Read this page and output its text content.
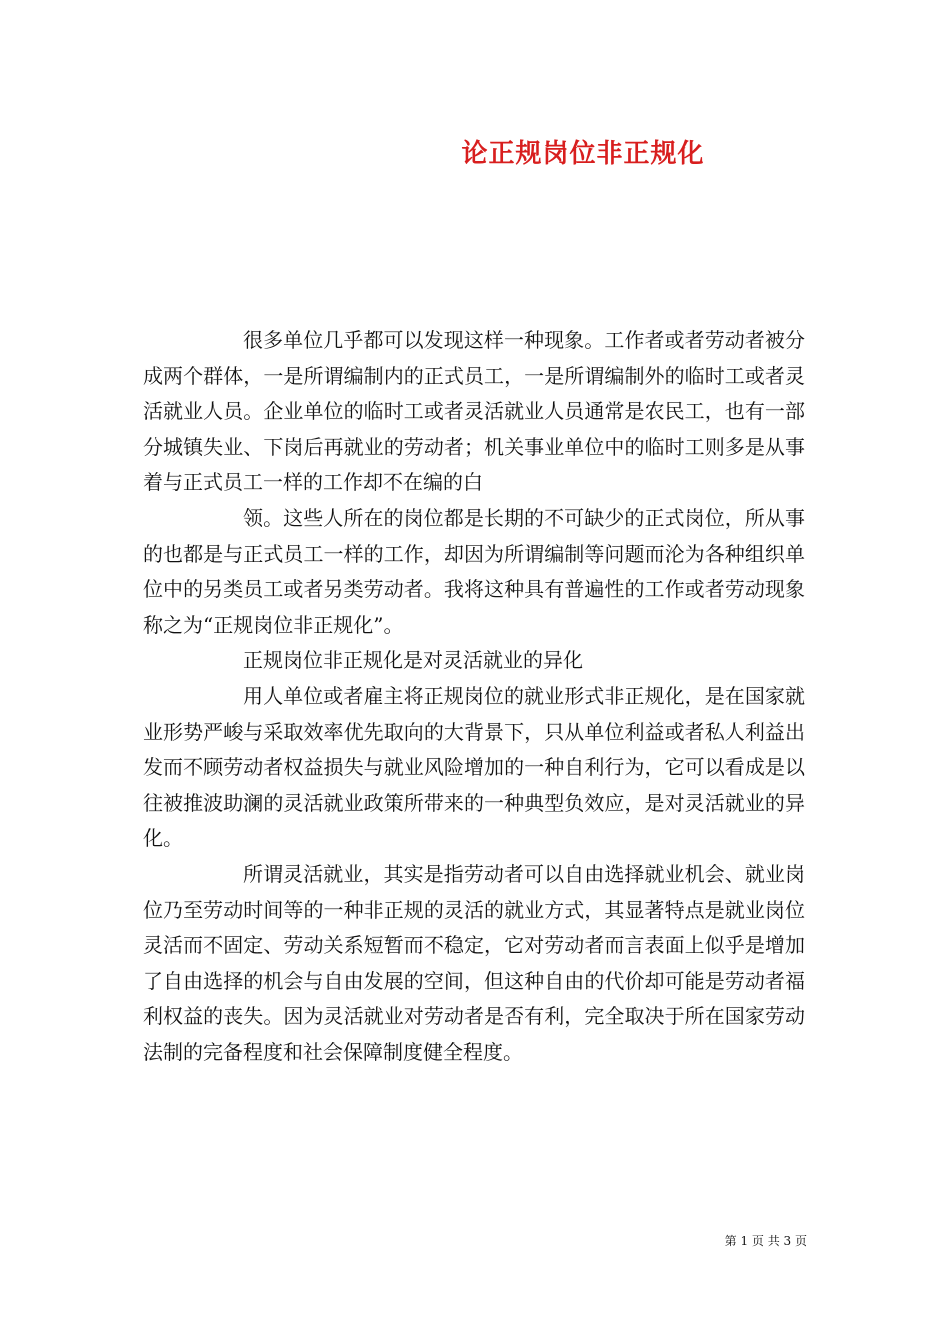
论正规岗位非正规化

很多单位几乎都可以发现这样一种现象。工作者或者劳动者被分成两个群体，一是所谓编制内的正式员工，一是所谓编制外的临时工或者灵活就业人员。企业单位的临时工或者灵活就业人员通常是农民工，也有一部分城镇失业、下岗后再就业的劳动者；机关事业单位中的临时工则多是从事着与正式员工一样的工作却不在编的白

领。这些人所在的岗位都是长期的不可缺少的正式岗位，所从事的也都是与正式员工一样的工作，却因为所谓编制等问题而沦为各种组织单位中的另类员工或者另类劳动者。我将这种具有普遍性的工作或者劳动现象称之为“正规岗位非正规化”。

正规岗位非正规化是对灵活就业的异化

用人单位或者雇主将正规岗位的就业形式非正规化，是在国家就业形势严峻与采取效率优先取向的大背景下，只从单位利益或者私人利益出发而不顾劳动者权益损失与就业风险增加的一种自利行为，它可以看成是以往被推波助澜的灵活就业政策所带来的一种典型负效应，是对灵活就业的异化。

所谓灵活就业，其实是指劳动者可以自由选择就业机会、就业岗位乃至劳动时间等的一种非正规的灵活的就业方式，其显著特点是就业岗位灵活而不固定、劳动关系短暂而不稳定，它对劳动者而言表面上似乎是增加了自由选择的机会与自由发展的空间，但这种自由的代价却可能是劳动者福利权益的丧失。因为灵活就业对劳动者是否有利，完全取决于所在国家劳动法制的完备程度和社会保障制度健全程度。

第 1 页 共 3 页
